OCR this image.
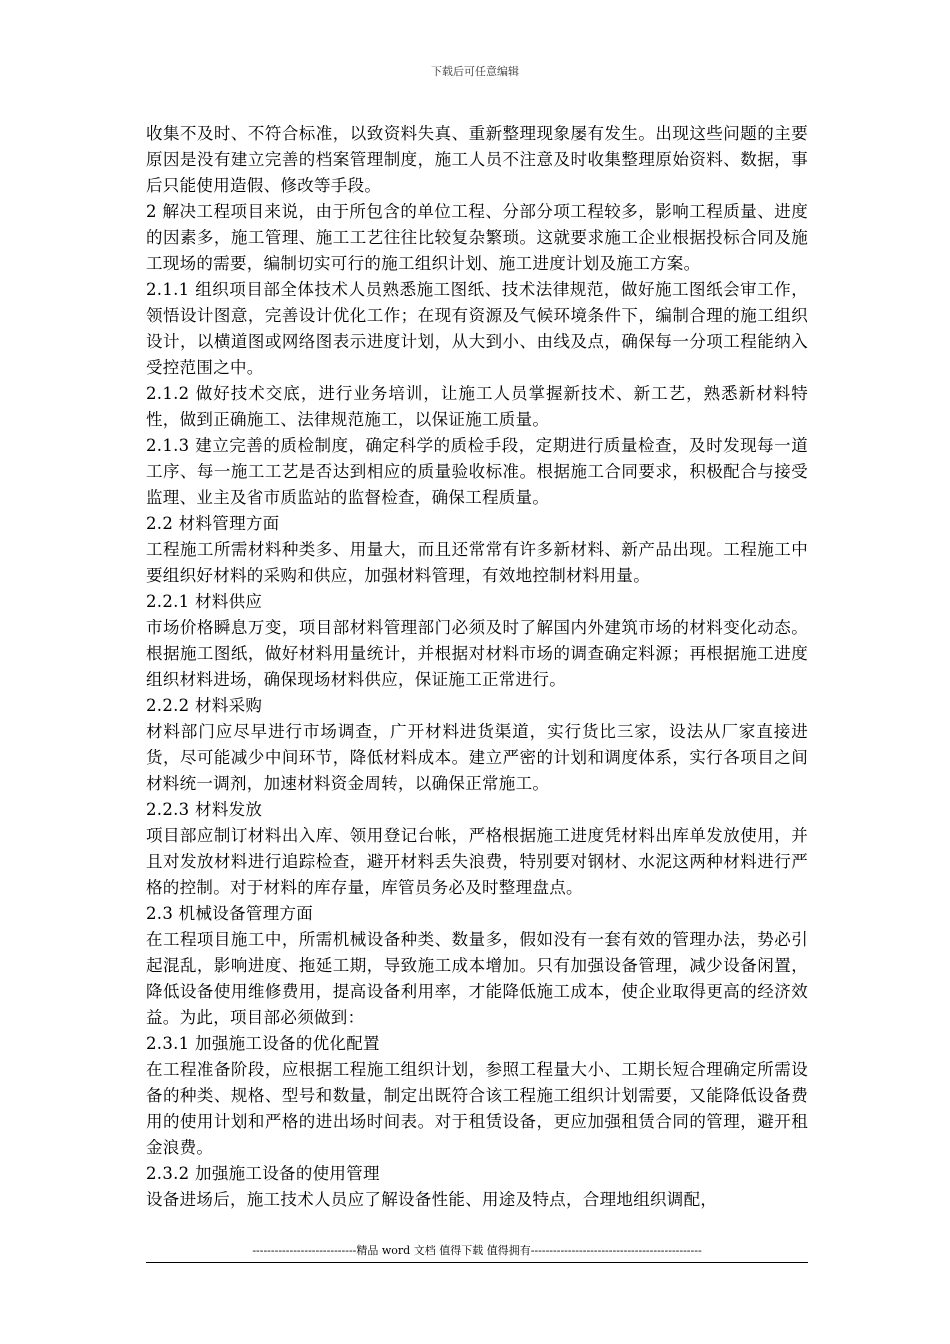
下载后可任意编辑

收集不及时、不符合标准，以致资料失真、重新整理现象屡有发生。出现这些问题的主要原因是没有建立完善的档案管理制度，施工人员不注意及时收集整理原始资料、数据，事后只能使用造假、修改等手段。

2 解决工程项目来说，由于所包含的单位工程、分部分项工程较多，影响工程质量、进度的因素多，施工管理、施工工艺往往比较复杂繁琐。这就要求施工企业根据投标合同及施工现场的需要，编制切实可行的施工组织计划、施工进度计划及施工方案。

2.1.1 组织项目部全体技术人员熟悉施工图纸、技术法律规范，做好施工图纸会审工作，领悟设计图意，完善设计优化工作；在现有资源及气候环境条件下，编制合理的施工组织设计，以横道图或网络图表示进度计划，从大到小、由线及点，确保每一分项工程能纳入受控范围之中。

2.1.2 做好技术交底，进行业务培训，让施工人员掌握新技术、新工艺，熟悉新材料特性，做到正确施工、法律规范施工，以保证施工质量。

2.1.3 建立完善的质检制度，确定科学的质检手段，定期进行质量检查，及时发现每一道工序、每一施工工艺是否达到相应的质量验收标准。根据施工合同要求，积极配合与接受监理、业主及省市质监站的监督检查，确保工程质量。

2.2 材料管理方面

工程施工所需材料种类多、用量大，而且还常常有许多新材料、新产品出现。工程施工中要组织好材料的采购和供应，加强材料管理，有效地控制材料用量。

2.2.1 材料供应

市场价格瞬息万变，项目部材料管理部门必须及时了解国内外建筑市场的材料变化动态。根据施工图纸，做好材料用量统计，并根据对材料市场的调查确定料源；再根据施工进度组织材料进场，确保现场材料供应，保证施工正常进行。

2.2.2 材料采购

材料部门应尽早进行市场调查，广开材料进货渠道，实行货比三家，设法从厂家直接进货，尽可能减少中间环节，降低材料成本。建立严密的计划和调度体系，实行各项目之间材料统一调剂，加速材料资金周转，以确保正常施工。

2.2.3 材料发放

项目部应制订材料出入库、领用登记台帐，严格根据施工进度凭材料出库单发放使用，并且对发放材料进行追踪检查，避开材料丢失浪费，特别要对钢材、水泥这两种材料进行严格的控制。对于材料的库存量，库管员务必及时整理盘点。

2.3 机械设备管理方面

在工程项目施工中，所需机械设备种类、数量多，假如没有一套有效的管理办法，势必引起混乱，影响进度、拖延工期，导致施工成本增加。只有加强设备管理，减少设备闲置，降低设备使用维修费用，提高设备利用率，才能降低施工成本，使企业取得更高的经济效益。为此，项目部必须做到：

2.3.1 加强施工设备的优化配置

在工程准备阶段，应根据工程施工组织计划，参照工程量大小、工期长短合理确定所需设备的种类、规格、型号和数量，制定出既符合该工程施工组织计划需要，又能降低设备费用的使用计划和严格的进出场时间表。对于租赁设备，更应加强租赁合同的管理，避开租金浪费。

2.3.2 加强施工设备的使用管理

设备进场后，施工技术人员应了解设备性能、用途及特点，合理地组织调配，

----------------------------精品 word 文档 值得下载 值得拥有----------------------------------------------
